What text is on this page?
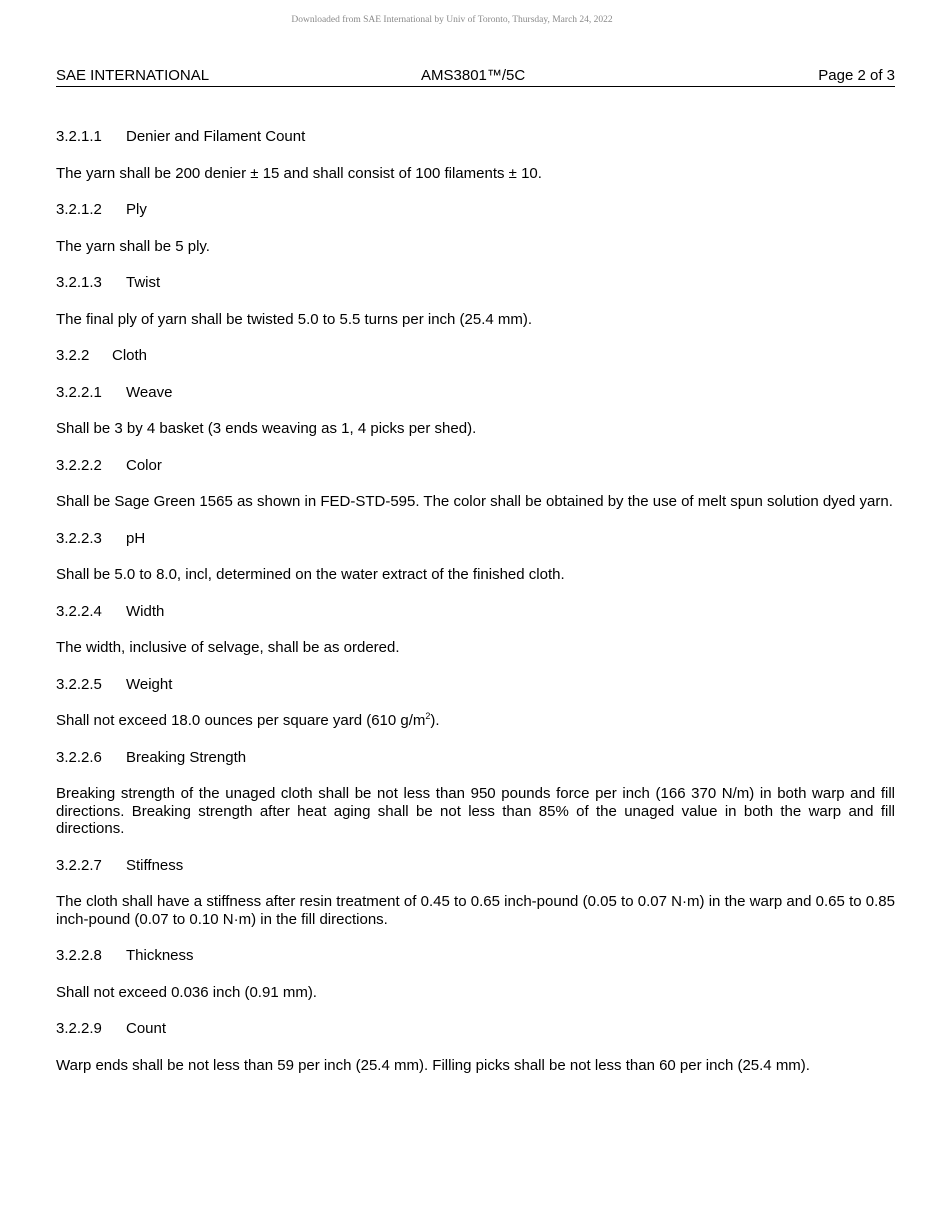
Downloaded from SAE International by Univ of Toronto, Thursday, March 24, 2022
SAE INTERNATIONAL	AMS3801™/5C	Page 2 of 3
3.2.1.1 Denier and Filament Count

The yarn shall be 200 denier ± 15 and shall consist of 100 filaments ± 10.

3.2.1.2 Ply

The yarn shall be 5 ply.

3.2.1.3 Twist

The final ply of yarn shall be twisted 5.0 to 5.5 turns per inch (25.4 mm).

3.2.2 Cloth
3.2.2.1 Weave

Shall be 3 by 4 basket (3 ends weaving as 1, 4 picks per shed).

3.2.2.2 Color

Shall be Sage Green 1565 as shown in FED-STD-595. The color shall be obtained by the use of melt spun solution dyed yarn.

3.2.2.3 pH

Shall be 5.0 to 8.0, incl, determined on the water extract of the finished cloth.

3.2.2.4 Width

The width, inclusive of selvage, shall be as ordered.

3.2.2.5 Weight

Shall not exceed 18.0 ounces per square yard (610 $g/m^2$).

3.2.2.6 Breaking Strength

Breaking strength of the unaged cloth shall be not less than 950 pounds force per inch (166 370 N/m) in both warp and fill directions. Breaking strength after heat aging shall be not less than 85% of the unaged value in both the warp and fill directions.

3.2.2.7 Stiffness

The cloth shall have a stiffness after resin treatment of 0.45 to 0.65 inch-pound (0.05 to 0.07 N·m) in the warp and 0.65 to 0.85 inch-pound (0.07 to 0.10 N·m) in the fill directions.

3.2.2.8 Thickness

Shall not exceed 0.036 inch (0.91 mm).

3.2.2.9 Count

Warp ends shall be not less than 59 per inch (25.4 mm). Filling picks shall be not less than 60 per inch (25.4 mm).
